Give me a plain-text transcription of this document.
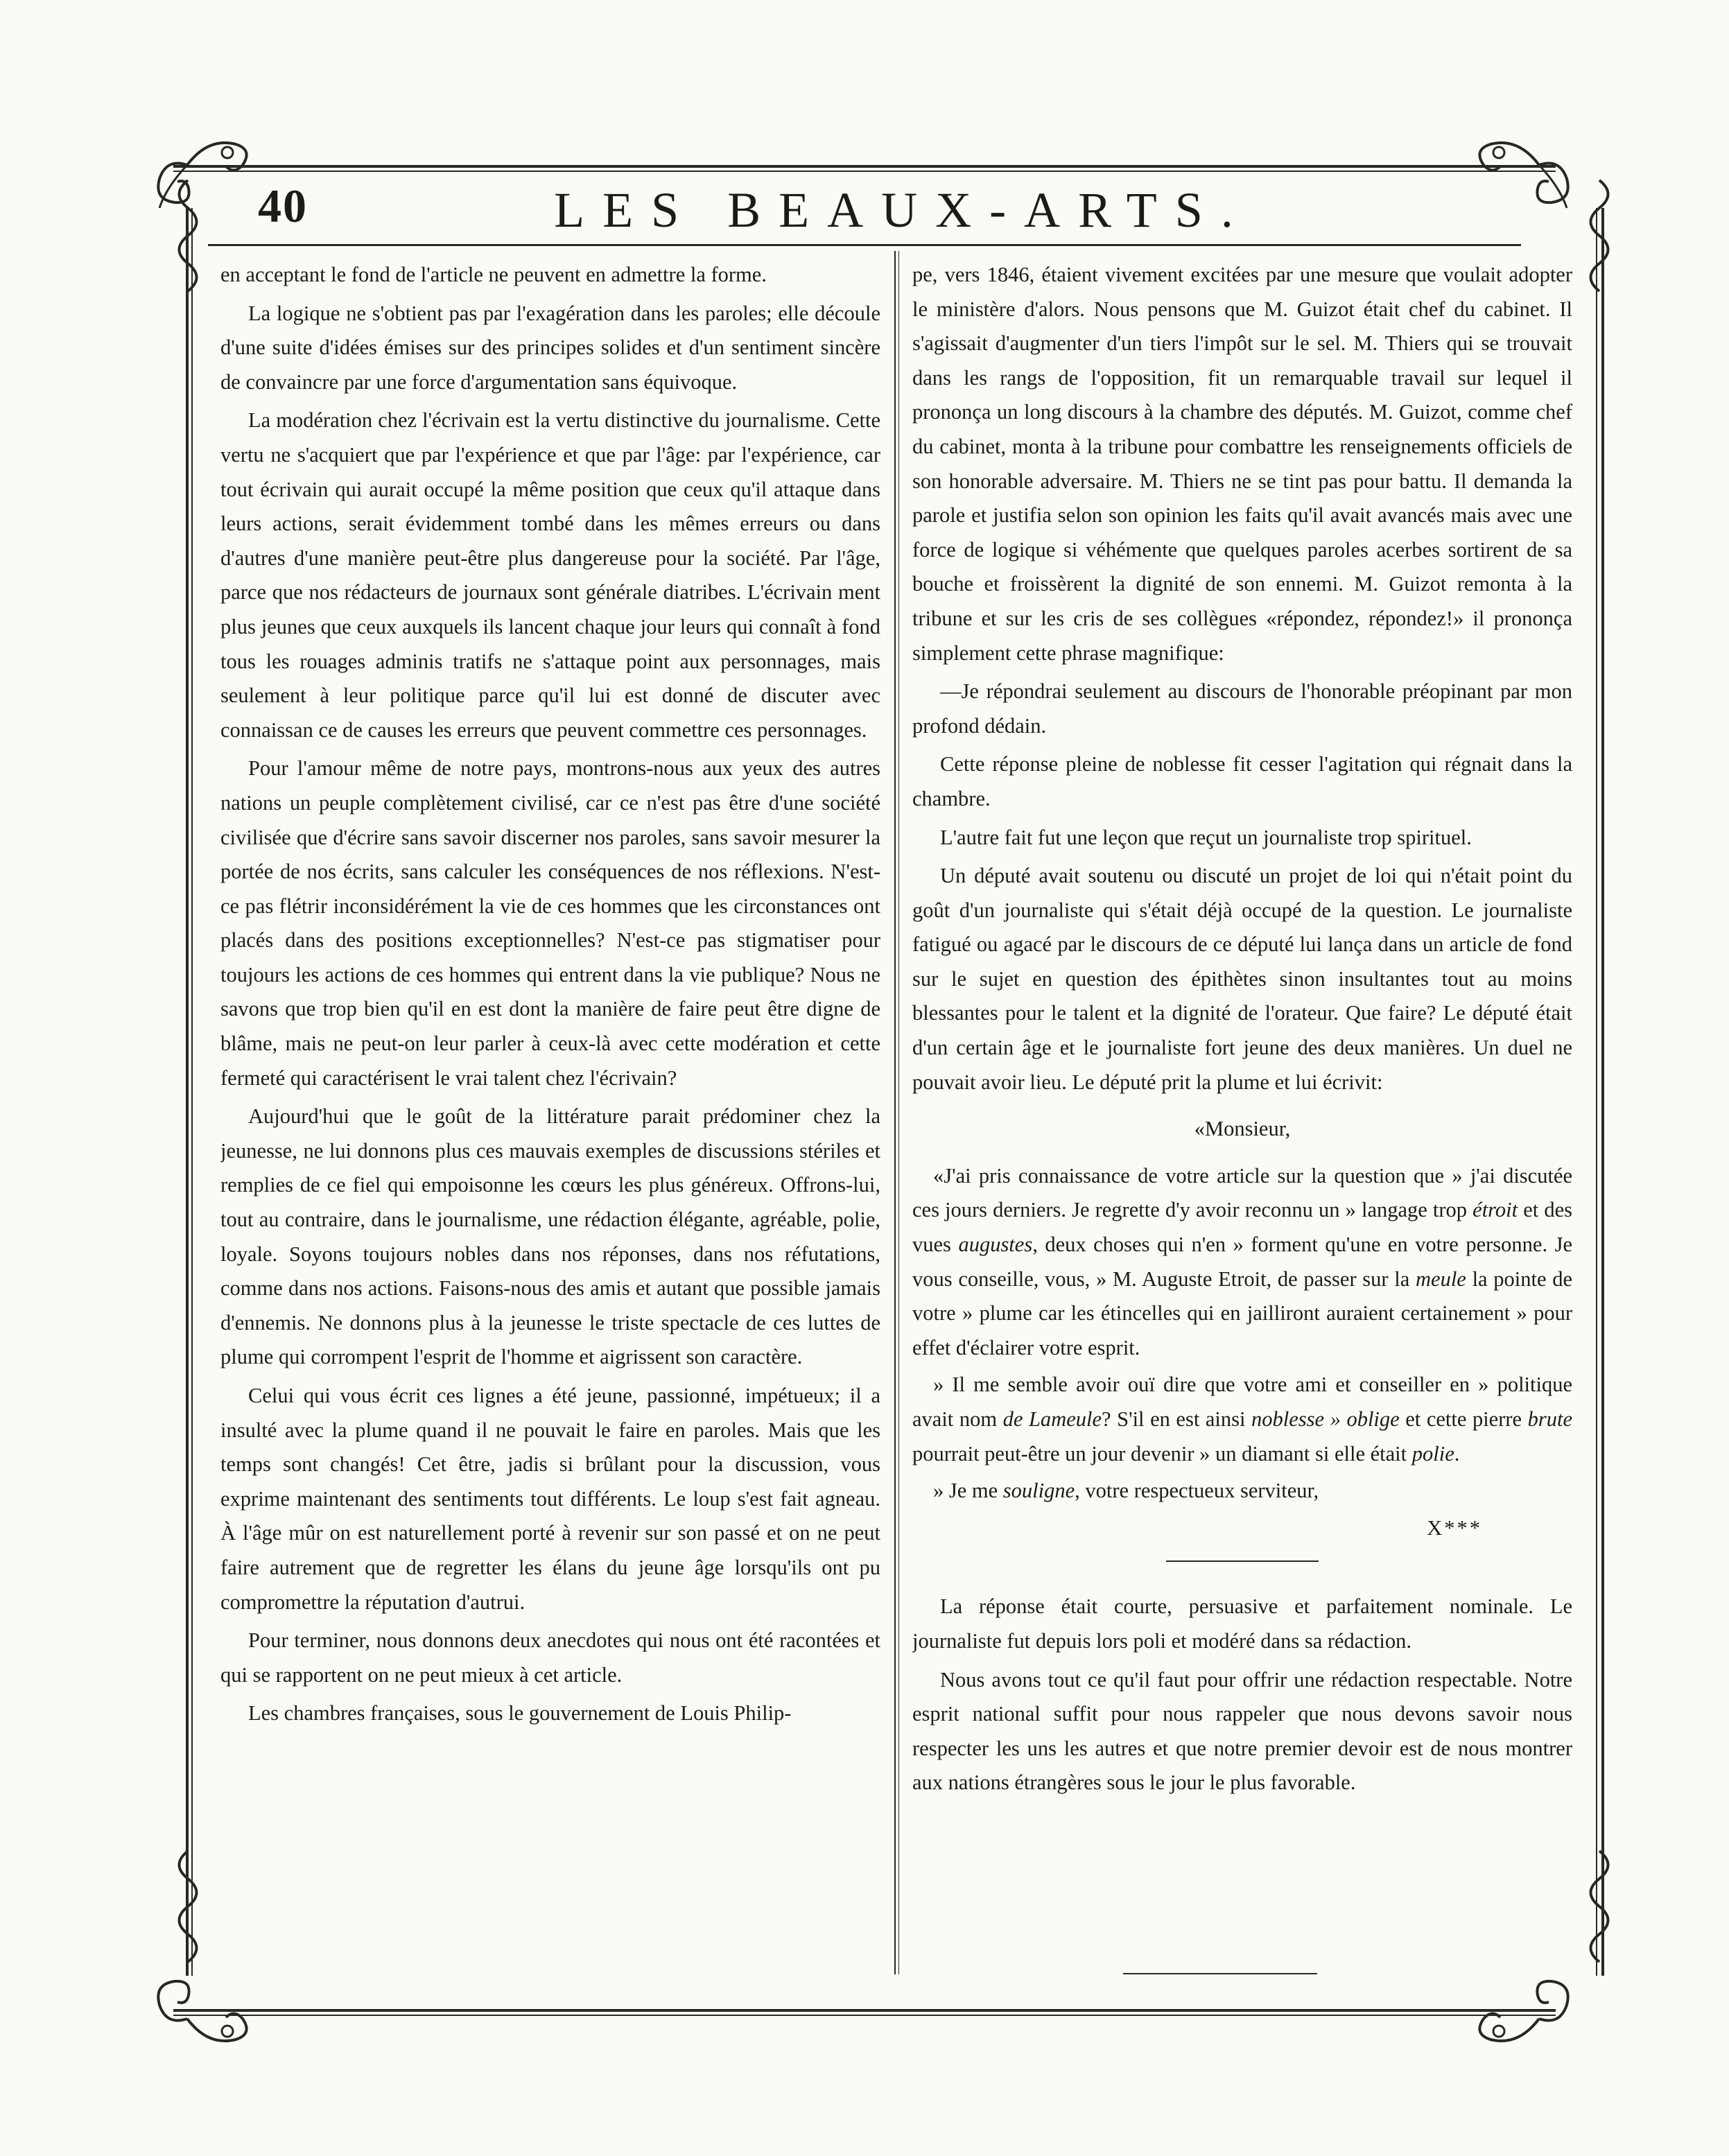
40	LES BEAUX-ARTS.

en acceptant le fond de l'article ne peuvent en admettre la forme.

La logique ne s'obtient pas par l'exagération dans les paroles; elle découle d'une suite d'idées émises sur des principes solides et d'un sentiment sincère de convaincre par une force d'argumentation sans équivoque.

La modération chez l'écrivain est la vertu distinctive du journalisme. Cette vertu ne s'acquiert que par l'expérience et que par l'âge: par l'expérience, car tout écrivain qui aurait occupé la même position que ceux qu'il attaque dans leurs actions, serait évidemment tombé dans les mêmes erreurs ou dans d'autres d'une manière peut-être plus dangereuse pour la société. Par l'âge, parce que nos rédacteurs de journaux sont générale diatribes. L'écrivain ment plus jeunes que ceux auxquels ils lancent chaque jour leurs qui connaît à fond tous les rouages adminis tratifs ne s'attaque point aux personnages, mais seulement à leur politique parce qu'il lui est donné de discuter avec connaissan ce de causes les erreurs que peuvent commettre ces personnages.

Pour l'amour même de notre pays, montrons-nous aux yeux des autres nations un peuple complètement civilisé, car ce n'est pas être d'une société civilisée que d'écrire sans savoir discerner nos paroles, sans savoir mesurer la portée de nos écrits, sans calculer les conséquences de nos réflexions. N'est-ce pas flétrir inconsidérément la vie de ces hommes que les circonstances ont placés dans des positions exceptionnelles? N'est-ce pas stigmatiser pour toujours les actions de ces hommes qui entrent dans la vie publique? Nous ne savons que trop bien qu'il en est dont la manière de faire peut être digne de blâme, mais ne peut-on leur parler à ceux-là avec cette modération et cette fermeté qui caractérisent le vrai talent chez l'écrivain?

Aujourd'hui que le goût de la littérature parait prédominer chez la jeunesse, ne lui donnons plus ces mauvais exemples de discussions stériles et remplies de ce fiel qui empoisonne les cœurs les plus généreux. Offrons-lui, tout au contraire, dans le journalisme, une rédaction élégante, agréable, polie, loyale. Soyons toujours nobles dans nos réponses, dans nos réfutations, comme dans nos actions. Faisons-nous des amis et autant que possible jamais d'ennemis. Ne donnons plus à la jeunesse le triste spectacle de ces luttes de plume qui corrompent l'esprit de l'homme et aigrissent son caractère.

Celui qui vous écrit ces lignes a été jeune, passionné, impétueux; il a insulté avec la plume quand il ne pouvait le faire en paroles. Mais que les temps sont changés! Cet être, jadis si brûlant pour la discussion, vous exprime maintenant des sentiments tout différents. Le loup s'est fait agneau. À l'âge mûr on est naturellement porté à revenir sur son passé et on ne peut faire autrement que de regretter les élans du jeune âge lorsqu'ils ont pu compromettre la réputation d'autrui.

Pour terminer, nous donnons deux anecdotes qui nous ont été racontées et qui se rapportent on ne peut mieux à cet article.

Les chambres françaises, sous le gouvernement de Louis Philip-

pe, vers 1846, étaient vivement excitées par une mesure que voulait adopter le ministère d'alors. Nous pensons que M. Guizot était chef du cabinet. Il s'agissait d'augmenter d'un tiers l'impôt sur le sel. M. Thiers qui se trouvait dans les rangs de l'opposition, fit un remarquable travail sur lequel il prononça un long discours à la chambre des députés. M. Guizot, comme chef du cabinet, monta à la tribune pour combattre les renseignements officiels de son honorable adversaire. M. Thiers ne se tint pas pour battu. Il demanda la parole et justifia selon son opinion les faits qu'il avait avancés mais avec une force de logique si véhémente que quelques paroles acerbes sortirent de sa bouche et froissèrent la dignité de son ennemi. M. Guizot remonta à la tribune et sur les cris de ses collègues «répondez, répondez!» il prononça simplement cette phrase magnifique:

—Je répondrai seulement au discours de l'honorable préopinant par mon profond dédain.

Cette réponse pleine de noblesse fit cesser l'agitation qui régnait dans la chambre.

L'autre fait fut une leçon que reçut un journaliste trop spirituel.

Un député avait soutenu ou discuté un projet de loi qui n'était point du goût d'un journaliste qui s'était déjà occupé de la question. Le journaliste fatigué ou agacé par le discours de ce député lui lança dans un article de fond sur le sujet en question des épithètes sinon insultantes tout au moins blessantes pour le talent et la dignité de l'orateur. Que faire? Le député était d'un certain âge et le journaliste fort jeune des deux manières. Un duel ne pouvait avoir lieu. Le député prit la plume et lui écrivit:

«Monsieur,

«J'ai pris connaissance de votre article sur la question que » j'ai discutée ces jours derniers. Je regrette d'y avoir reconnu un » langage trop étroit et des vues augustes, deux choses qui n'en » forment qu'une en votre personne. Je vous conseille, vous, » M. Auguste Etroit, de passer sur la meule la pointe de votre » plume car les étincelles qui en jailliront auraient certainement » pour effet d'éclairer votre esprit.

» Il me semble avoir ouï dire que votre ami et conseiller en » politique avait nom de Lameule? S'il en est ainsi noblesse » oblige et cette pierre brute pourrait peut-être un jour devenir » un diamant si elle était polie.

» Je me souligne, votre respectueux serviteur,

X***

La réponse était courte, persuasive et parfaitement nominale. Le journaliste fut depuis lors poli et modéré dans sa rédaction.

Nous avons tout ce qu'il faut pour offrir une rédaction respectable. Notre esprit national suffit pour nous rappeler que nous devons savoir nous respecter les uns les autres et que notre premier devoir est de nous montrer aux nations étrangères sous le jour le plus favorable.
